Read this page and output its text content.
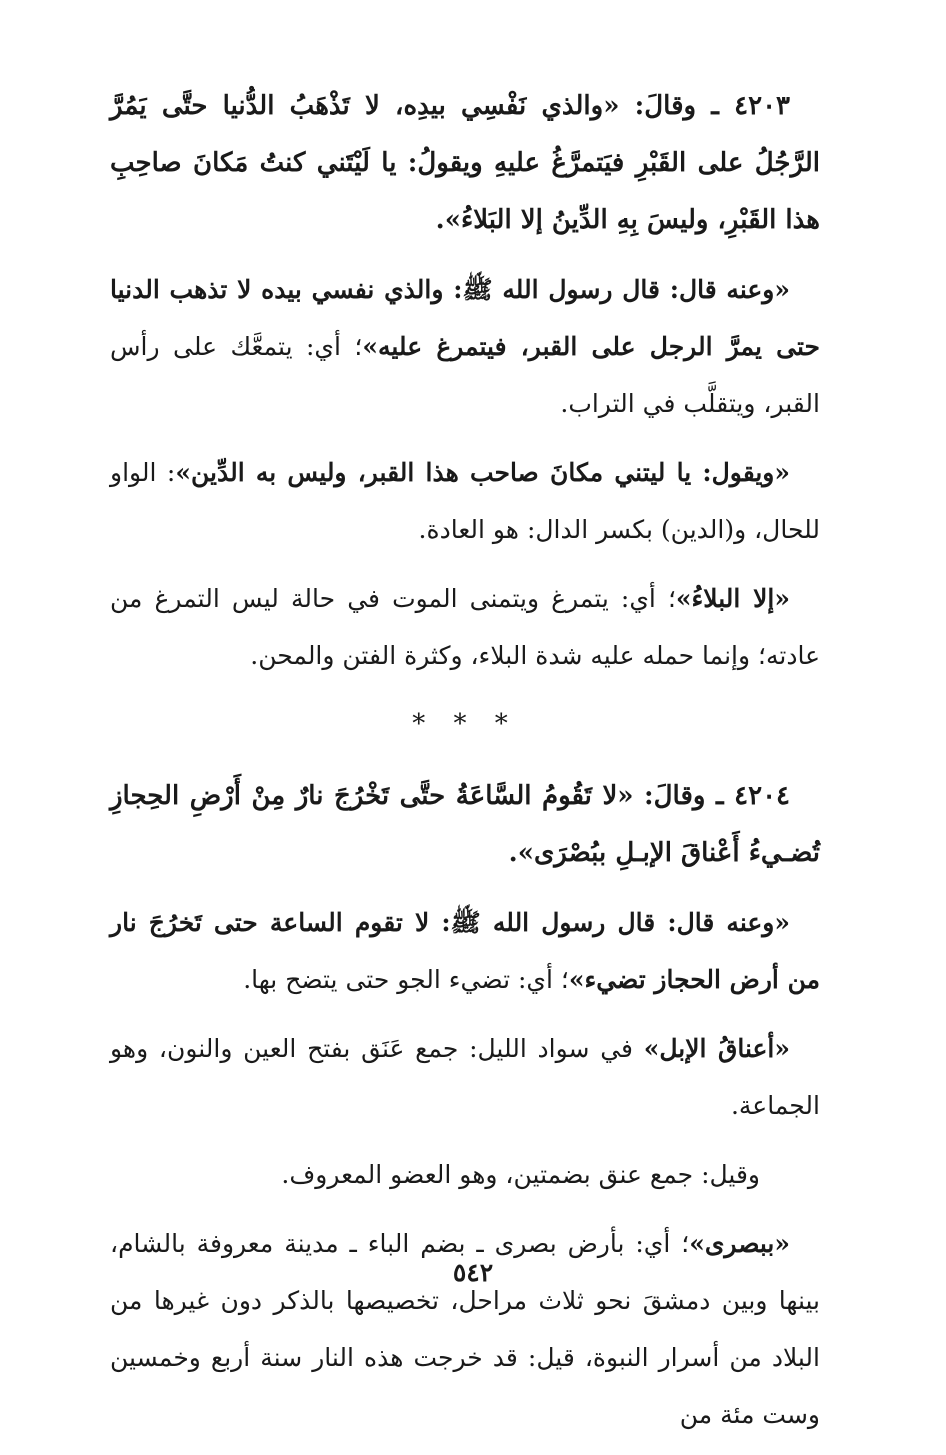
٤٢٠٣ ـ وقالَ: «والذي نَفْسِي بيدِه، لا تَذْهَبُ الدُّنيا حتَّى يَمُرَّ الرَّجُلُ على القَبْرِ فيَتمرَّغُ عليهِ ويقولُ: يا لَيْتَني كنتُ مَكانَ صاحِبِ هذا القَبْرِ، وليسَ بِهِ الدِّينُ إلا البَلاءُ».

«وعنه قال: قال رسول الله ﷺ: والذي نفسي بيده لا تذهب الدنيا حتى يمرَّ الرجل على القبر، فيتمرغ عليه»؛ أي: يتمعَّك على رأس القبر، ويتقلَّب في التراب.

«ويقول: يا ليتني مكانَ صاحب هذا القبر، وليس به الدِّين»: الواو للحال، و(الدين) بكسر الدال: هو العادة.

«إلا البلاءُ»؛ أي: يتمرغ ويتمنى الموت في حالة ليس التمرغ من عادته؛ وإنما حمله عليه شدة البلاء، وكثرة الفتن والمحن.

* * *

٤٢٠٤ ـ وقالَ: «لا تَقُومُ السَّاعَةُ حتَّى تَخْرُجَ نارٌ مِنْ أَرْضِ الحِجازِ تُضـيءُ أَعْناقَ الإبـلِ ببُصْرَى».

«وعنه قال: قال رسول الله ﷺ: لا تقوم الساعة حتى تَخرُجَ نار من أرض الحجاز تضيء»؛ أي: تضيء الجو حتى يتضح بها.

«أعناقُ الإبل» في سواد الليل: جمع عَنَق بفتح العين والنون، وهو الجماعة.

وقيل: جمع عنق بضمتين، وهو العضو المعروف.

«ببصرى»؛ أي: بأرض بصرى ـ بضم الباء ـ مدينة معروفة بالشام، بينها وبين دمشقَ نحو ثلاث مراحل، تخصيصها بالذكر دون غيرها من البلاد من أسرار النبوة، قيل: قد خرجت هذه النار سنة أربع وخمسين وست مئة من

٥٤٢
